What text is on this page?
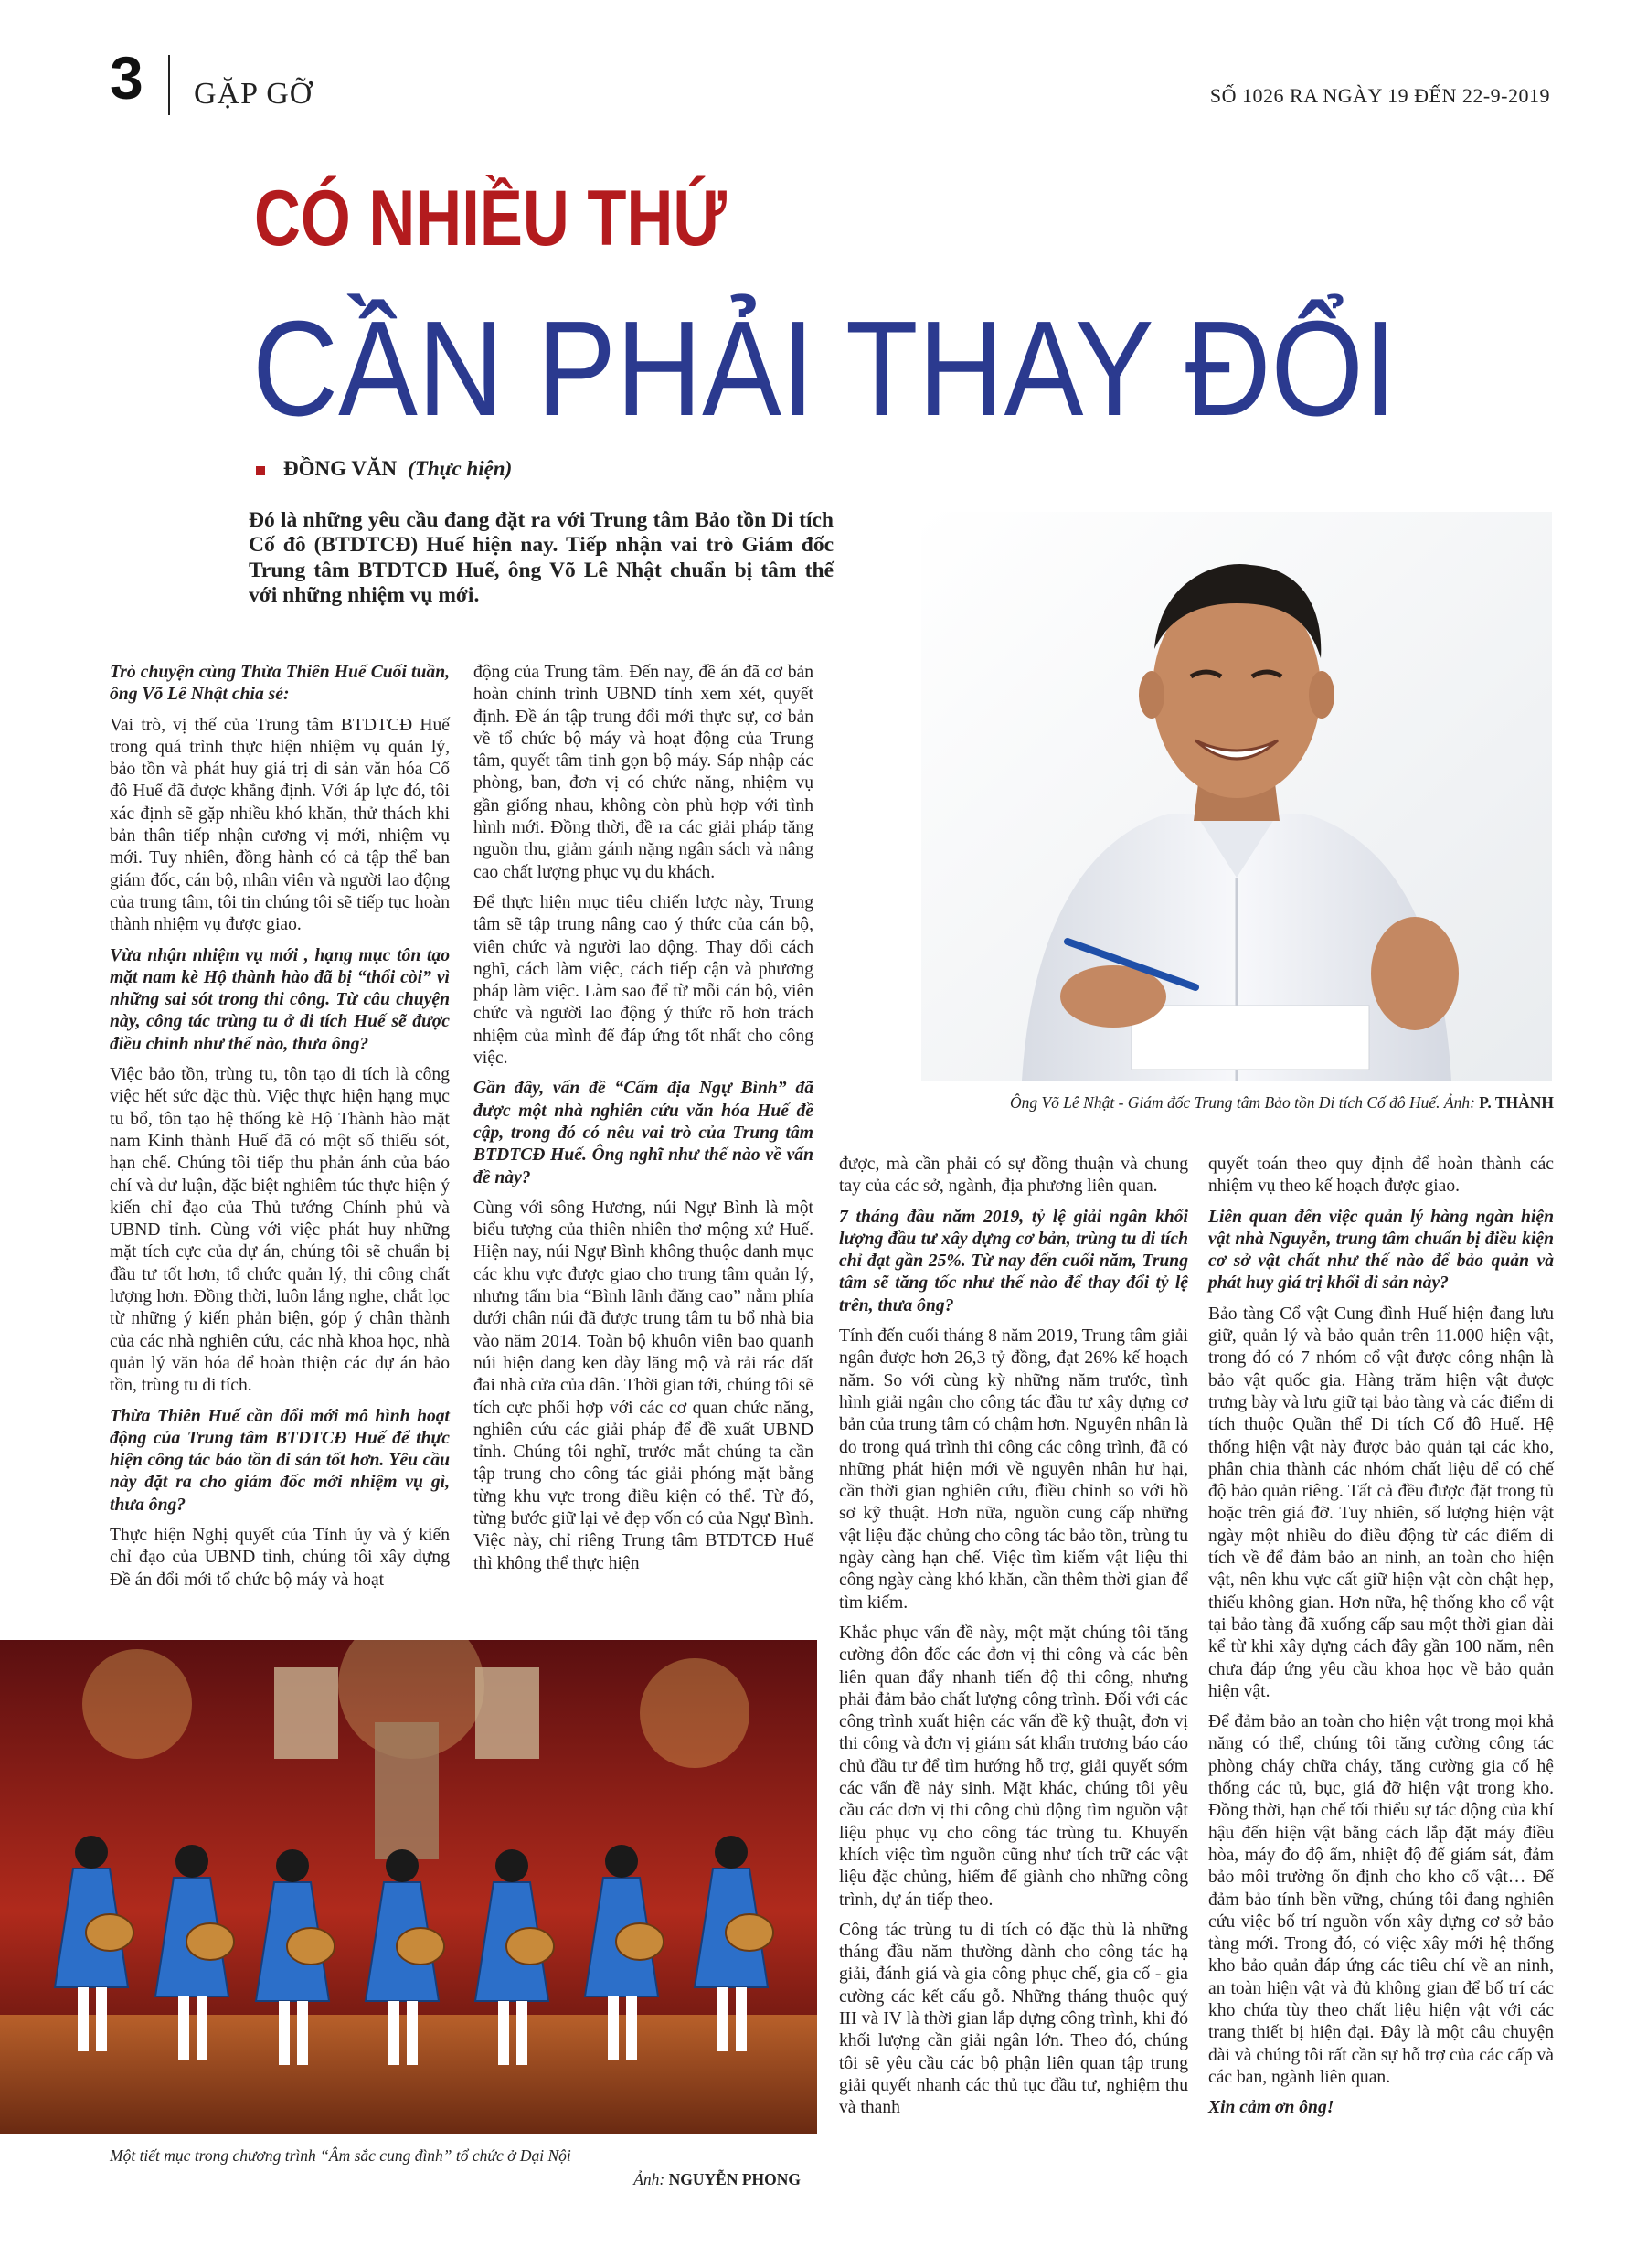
3 GẶP GỠ	SỐ 1026 RA NGÀY 19 ĐẾN 22-9-2019
CÓ NHIỀU THỨ
CẦN PHẢI THAY ĐỔI
ĐỒNG VĂN (Thực hiện)
Đó là những yêu cầu đang đặt ra với Trung tâm Bảo tồn Di tích Cố đô (BTDTCĐ) Huế hiện nay. Tiếp nhận vai trò Giám đốc Trung tâm BTDTCĐ Huế, ông Võ Lê Nhật chuẩn bị tâm thế với những nhiệm vụ mới.
Ông Võ Lê Nhật - Giám đốc Trung tâm Bảo tồn Di tích Cố đô Huế. Ảnh: P. THÀNH
Một tiết mục trong chương trình “Âm sắc cung đình” tổ chức ở Đại Nội
Ảnh: NGUYỄN PHONG

Trò chuyện cùng Thừa Thiên Huế Cuối tuần, ông Võ Lê Nhật chia sẻ:

Vai trò, vị thế của Trung tâm BTDTCĐ Huế trong quá trình thực hiện nhiệm vụ quản lý, bảo tồn và phát huy giá trị di sản văn hóa Cố đô Huế đã được khẳng định. Với áp lực đó, tôi xác định sẽ gặp nhiều khó khăn, thử thách khi bản thân tiếp nhận cương vị mới, nhiệm vụ mới. Tuy nhiên, đồng hành có cả tập thể ban giám đốc, cán bộ, nhân viên và người lao động của trung tâm, tôi tin chúng tôi sẽ tiếp tục hoàn thành nhiệm vụ được giao.

Vừa nhận nhiệm vụ mới , hạng mục tôn tạo mặt nam kè Hộ thành hào đã bị “thổi còi” vì những sai sót trong thi công. Từ câu chuyện này, công tác trùng tu ở di tích Huế sẽ được điều chỉnh như thế nào, thưa ông?

Việc bảo tồn, trùng tu, tôn tạo di tích là công việc hết sức đặc thù. Việc thực hiện hạng mục tu bổ, tôn tạo hệ thống kè Hộ Thành hào mặt nam Kinh thành Huế đã có một số thiếu sót, hạn chế. Chúng tôi tiếp thu phản ánh của báo chí và dư luận, đặc biệt nghiêm túc thực hiện ý kiến chỉ đạo của Thủ tướng Chính phủ và UBND tỉnh. Cùng với việc phát huy những mặt tích cực của dự án, chúng tôi sẽ chuẩn bị đầu tư tốt hơn, tổ chức quản lý, thi công chất lượng hơn. Đồng thời, luôn lắng nghe, chắt lọc từ những ý kiến phản biện, góp ý chân thành của các nhà nghiên cứu, các nhà khoa học, nhà quản lý văn hóa để hoàn thiện các dự án bảo tồn, trùng tu di tích.

Thừa Thiên Huế cần đổi mới mô hình hoạt động của Trung tâm BTDTCĐ Huế để thực hiện công tác bảo tồn di sản tốt hơn. Yêu cầu này đặt ra cho giám đốc mới nhiệm vụ gì, thưa ông?

Thực hiện Nghị quyết của Tỉnh ủy và ý kiến chỉ đạo của UBND tỉnh, chúng tôi xây dựng Đề án đổi mới tổ chức bộ máy và hoạt

động của Trung tâm. Đến nay, đề án đã cơ bản hoàn chỉnh trình UBND tỉnh xem xét, quyết định. Đề án tập trung đổi mới thực sự, cơ bản về tổ chức bộ máy và hoạt động của Trung tâm, quyết tâm tinh gọn bộ máy. Sáp nhập các phòng, ban, đơn vị có chức năng, nhiệm vụ gần giống nhau, không còn phù hợp với tình hình mới. Đồng thời, đề ra các giải pháp tăng nguồn thu, giảm gánh nặng ngân sách và nâng cao chất lượng phục vụ du khách.

Để thực hiện mục tiêu chiến lược này, Trung tâm sẽ tập trung nâng cao ý thức của cán bộ, viên chức và người lao động. Thay đổi cách nghĩ, cách làm việc, cách tiếp cận và phương pháp làm việc. Làm sao để từ mỗi cán bộ, viên chức và người lao động ý thức rõ hơn trách nhiệm của mình để đáp ứng tốt nhất cho công việc.

Gần đây, vấn đề “Cấm địa Ngự Bình” đã được một nhà nghiên cứu văn hóa Huế đề cập, trong đó có nêu vai trò của Trung tâm BTDTCĐ Huế. Ông nghĩ như thế nào về vấn đề này?

Cùng với sông Hương, núi Ngự Bình là một biểu tượng của thiên nhiên thơ mộng xứ Huế. Hiện nay, núi Ngự Bình không thuộc danh mục các khu vực được giao cho trung tâm quản lý, nhưng tấm bia “Bình lãnh đăng cao” nằm phía dưới chân núi đã được trung tâm tu bổ nhà bia vào năm 2014. Toàn bộ khuôn viên bao quanh núi hiện đang ken dày lăng mộ và rải rác đất đai nhà cửa của dân. Thời gian tới, chúng tôi sẽ tích cực phối hợp với các cơ quan chức năng, nghiên cứu các giải pháp để đề xuất UBND tỉnh. Chúng tôi nghĩ, trước mắt chúng ta cần tập trung cho công tác giải phóng mặt bằng từng khu vực trong điều kiện có thể. Từ đó, từng bước giữ lại vẻ đẹp vốn có của Ngự Bình. Việc này, chỉ riêng Trung tâm BTDTCĐ Huế thì không thể thực hiện

được, mà cần phải có sự đồng thuận và chung tay của các sở, ngành, địa phương liên quan.

7 tháng đầu năm 2019, tỷ lệ giải ngân khối lượng đầu tư xây dựng cơ bản, trùng tu di tích chỉ đạt gần 25%. Từ nay đến cuối năm, Trung tâm sẽ tăng tốc như thế nào để thay đổi tỷ lệ trên, thưa ông?

Tính đến cuối tháng 8 năm 2019, Trung tâm giải ngân được hơn 26,3 tỷ đồng, đạt 26% kế hoạch năm. So với cùng kỳ những năm trước, tình hình giải ngân cho công tác đầu tư xây dựng cơ bản của trung tâm có chậm hơn. Nguyên nhân là do trong quá trình thi công các công trình, đã có những phát hiện mới về nguyên nhân hư hại, cần thời gian nghiên cứu, điều chỉnh so với hồ sơ kỹ thuật. Hơn nữa, nguồn cung cấp những vật liệu đặc chủng cho công tác bảo tồn, trùng tu ngày càng hạn chế. Việc tìm kiếm vật liệu thi công ngày càng khó khăn, cần thêm thời gian để tìm kiếm.

Khắc phục vấn đề này, một mặt chúng tôi tăng cường đôn đốc các đơn vị thi công và các bên liên quan đẩy nhanh tiến độ thi công, nhưng phải đảm bảo chất lượng công trình. Đối với các công trình xuất hiện các vấn đề kỹ thuật, đơn vị thi công và đơn vị giám sát khẩn trương báo cáo chủ đầu tư để tìm hướng hỗ trợ, giải quyết sớm các vấn đề nảy sinh. Mặt khác, chúng tôi yêu cầu các đơn vị thi công chủ động tìm nguồn vật liệu phục vụ cho công tác trùng tu. Khuyến khích việc tìm nguồn cũng như tích trữ các vật liệu đặc chủng, hiếm để giành cho những công trình, dự án tiếp theo.

Công tác trùng tu di tích có đặc thù là những tháng đầu năm thường dành cho công tác hạ giải, đánh giá và gia công phục chế, gia cố - gia cường các kết cấu gỗ. Những tháng thuộc quý III và IV là thời gian lắp dựng công trình, khi đó khối lượng cần giải ngân lớn. Theo đó, chúng tôi sẽ yêu cầu các bộ phận liên quan tập trung giải quyết nhanh các thủ tục đầu tư, nghiệm thu và thanh

quyết toán theo quy định để hoàn thành các nhiệm vụ theo kế hoạch được giao.

Liên quan đến việc quản lý hàng ngàn hiện vật nhà Nguyễn, trung tâm chuẩn bị điều kiện cơ sở vật chất như thế nào để bảo quản và phát huy giá trị khối di sản này?

Bảo tàng Cổ vật Cung đình Huế hiện đang lưu giữ, quản lý và bảo quản trên 11.000 hiện vật, trong đó có 7 nhóm cổ vật được công nhận là bảo vật quốc gia. Hàng trăm hiện vật được trưng bày và lưu giữ tại bảo tàng và các điểm di tích thuộc Quần thể Di tích Cố đô Huế. Hệ thống hiện vật này được bảo quản tại các kho, phân chia thành các nhóm chất liệu để có chế độ bảo quản riêng. Tất cả đều được đặt trong tủ hoặc trên giá đỡ. Tuy nhiên, số lượng hiện vật ngày một nhiều do điều động từ các điểm di tích về để đảm bảo an ninh, an toàn cho hiện vật, nên khu vực cất giữ hiện vật còn chật hẹp, thiếu không gian. Hơn nữa, hệ thống kho cổ vật tại bảo tàng đã xuống cấp sau một thời gian dài kể từ khi xây dựng cách đây gần 100 năm, nên chưa đáp ứng yêu cầu khoa học về bảo quản hiện vật.

Để đảm bảo an toàn cho hiện vật trong mọi khả năng có thể, chúng tôi tăng cường công tác phòng cháy chữa cháy, tăng cường gia cố hệ thống các tủ, bục, giá đỡ hiện vật trong kho. Đồng thời, hạn chế tối thiểu sự tác động của khí hậu đến hiện vật bằng cách lắp đặt máy điều hòa, máy đo độ ẩm, nhiệt độ để giám sát, đảm bảo môi trường ổn định cho kho cổ vật… Để đảm bảo tính bền vững, chúng tôi đang nghiên cứu việc bố trí nguồn vốn xây dựng cơ sở bảo tàng mới. Trong đó, có việc xây mới hệ thống kho bảo quản đáp ứng các tiêu chí về an ninh, an toàn hiện vật và đủ không gian để bố trí các kho chứa tùy theo chất liệu hiện vật với các trang thiết bị hiện đại. Đây là một câu chuyện dài và chúng tôi rất cần sự hỗ trợ của các cấp và các ban, ngành liên quan.

Xin cảm ơn ông!
